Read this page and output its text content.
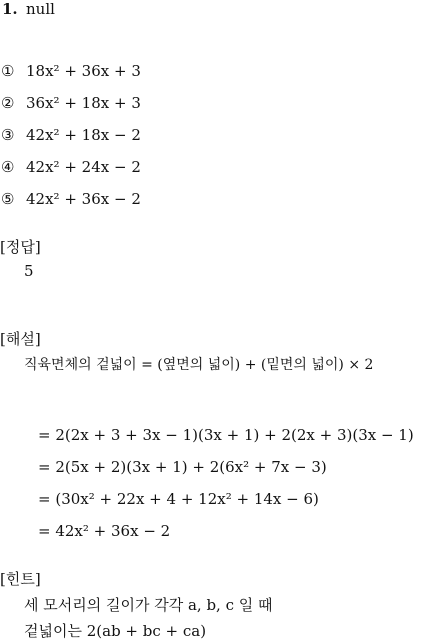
1. null
① 18x² + 36x + 3
② 36x² + 18x + 3
③ 42x² + 18x − 2
④ 42x² + 24x − 2
⑤ 42x² + 36x − 2
[정답]
5
[해설]
직육면체의 겉넓이 = (옆면의 넓이) + (밑면의 넓이) × 2
= 2(2x + 3 + 3x − 1)(3x + 1) + 2(2x + 3)(3x − 1)
= 2(5x + 2)(3x + 1) + 2(6x² + 7x − 3)
= (30x² + 22x + 4 + 12x² + 14x − 6)
= 42x² + 36x − 2
[힌트]
세 모서리의 길이가 각각 a, b, c 일 때
겉넓이는 2(ab + bc + ca)
